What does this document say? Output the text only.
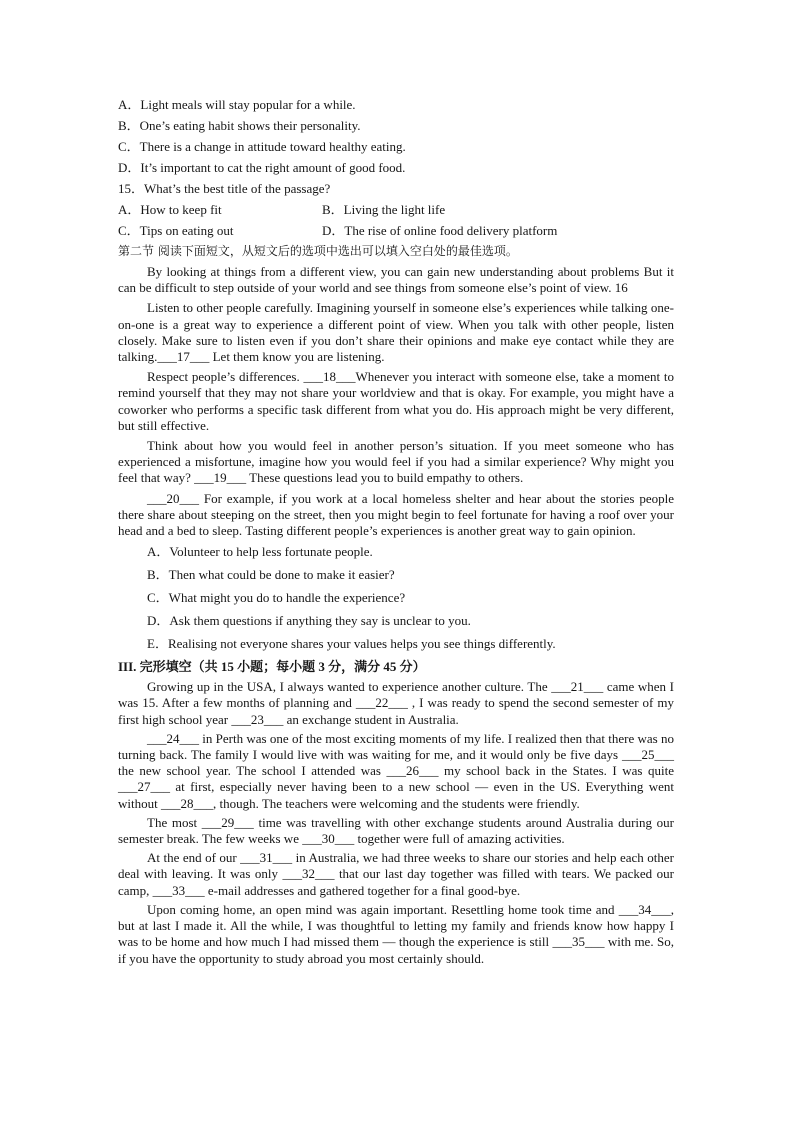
A．Light meals will stay popular for a while.
B．One’s eating habit shows their personality.
C．There is a change in attitude toward healthy eating.
D．It’s important to cat the right amount of good food.
15．What’s the best title of the passage?
A．How to keep fit	B．Living the light life
C．Tips on eating out	D．The rise of online food delivery platform
第二节 阅读下面短文，从短文后的选项中选出可以填入空白处的最佳选项。
By looking at things from a different view, you can gain new understanding about problems But it can be difficult to step outside of your world and see things from someone else’s point of view. 16
Listen to other people carefully. Imagining yourself in someone else’s experiences while talking one-on-one is a great way to experience a different point of view. When you talk with other people, listen closely. Make sure to listen even if you don’t share their opinions and make eye contact while they are talking.___17___ Let them know you are listening.
Respect people’s differences. ___18___Whenever you interact with someone else, take a moment to remind yourself that they may not share your worldview and that is okay. For example, you might have a coworker who performs a specific task different from what you do. His approach might be very different, but still effective.
Think about how you would feel in another person’s situation. If you meet someone who has experienced a misfortune, imagine how you would feel if you had a similar experience? Why might you feel that way? ___19___ These questions lead you to build empathy to others.
___20___ For example, if you work at a local homeless shelter and hear about the stories people there share about steeping on the street, then you might begin to feel fortunate for having a roof over your head and a bed to sleep. Tasting different people’s experiences is another great way to gain opinion.
A．Volunteer to help less fortunate people.
B．Then what could be done to make it easier?
C．What might you do to handle the experience?
D．Ask them questions if anything they say is unclear to you.
E．Realising not everyone shares your values helps you see things differently.
III. 完形填空（共 15 小题；每小题 3 分，满分 45 分）
Growing up in the USA, I always wanted to experience another culture. The ___21___ came when I was 15. After a few months of planning and ___22___ , I was ready to spend the second semester of my first high school year ___23___ an exchange student in Australia.
___24___ in Perth was one of the most exciting moments of my life. I realized then that there was no turning back. The family I would live with was waiting for me, and it would only be five days ___25___ the new school year. The school I attended was ___26___ my school back in the States. I was quite ___27___ at first, especially never having been to a new school — even in the US. Everything went without ___28___, though. The teachers were welcoming and the students were friendly.
The most ___29___ time was travelling with other exchange students around Australia during our semester break. The few weeks we ___30___ together were full of amazing activities.
At the end of our ___31___ in Australia, we had three weeks to share our stories and help each other deal with leaving. It was only ___32___ that our last day together was filled with tears. We packed our camp, ___33___ e-mail addresses and gathered together for a final good-bye.
Upon coming home, an open mind was again important. Resettling home took time and ___34___, but at last I made it. All the while, I was thoughtful to letting my family and friends know how happy I was to be home and how much I had missed them — though the experience is still ___35___ with me. So, if you have the opportunity to study abroad you most certainly should.
